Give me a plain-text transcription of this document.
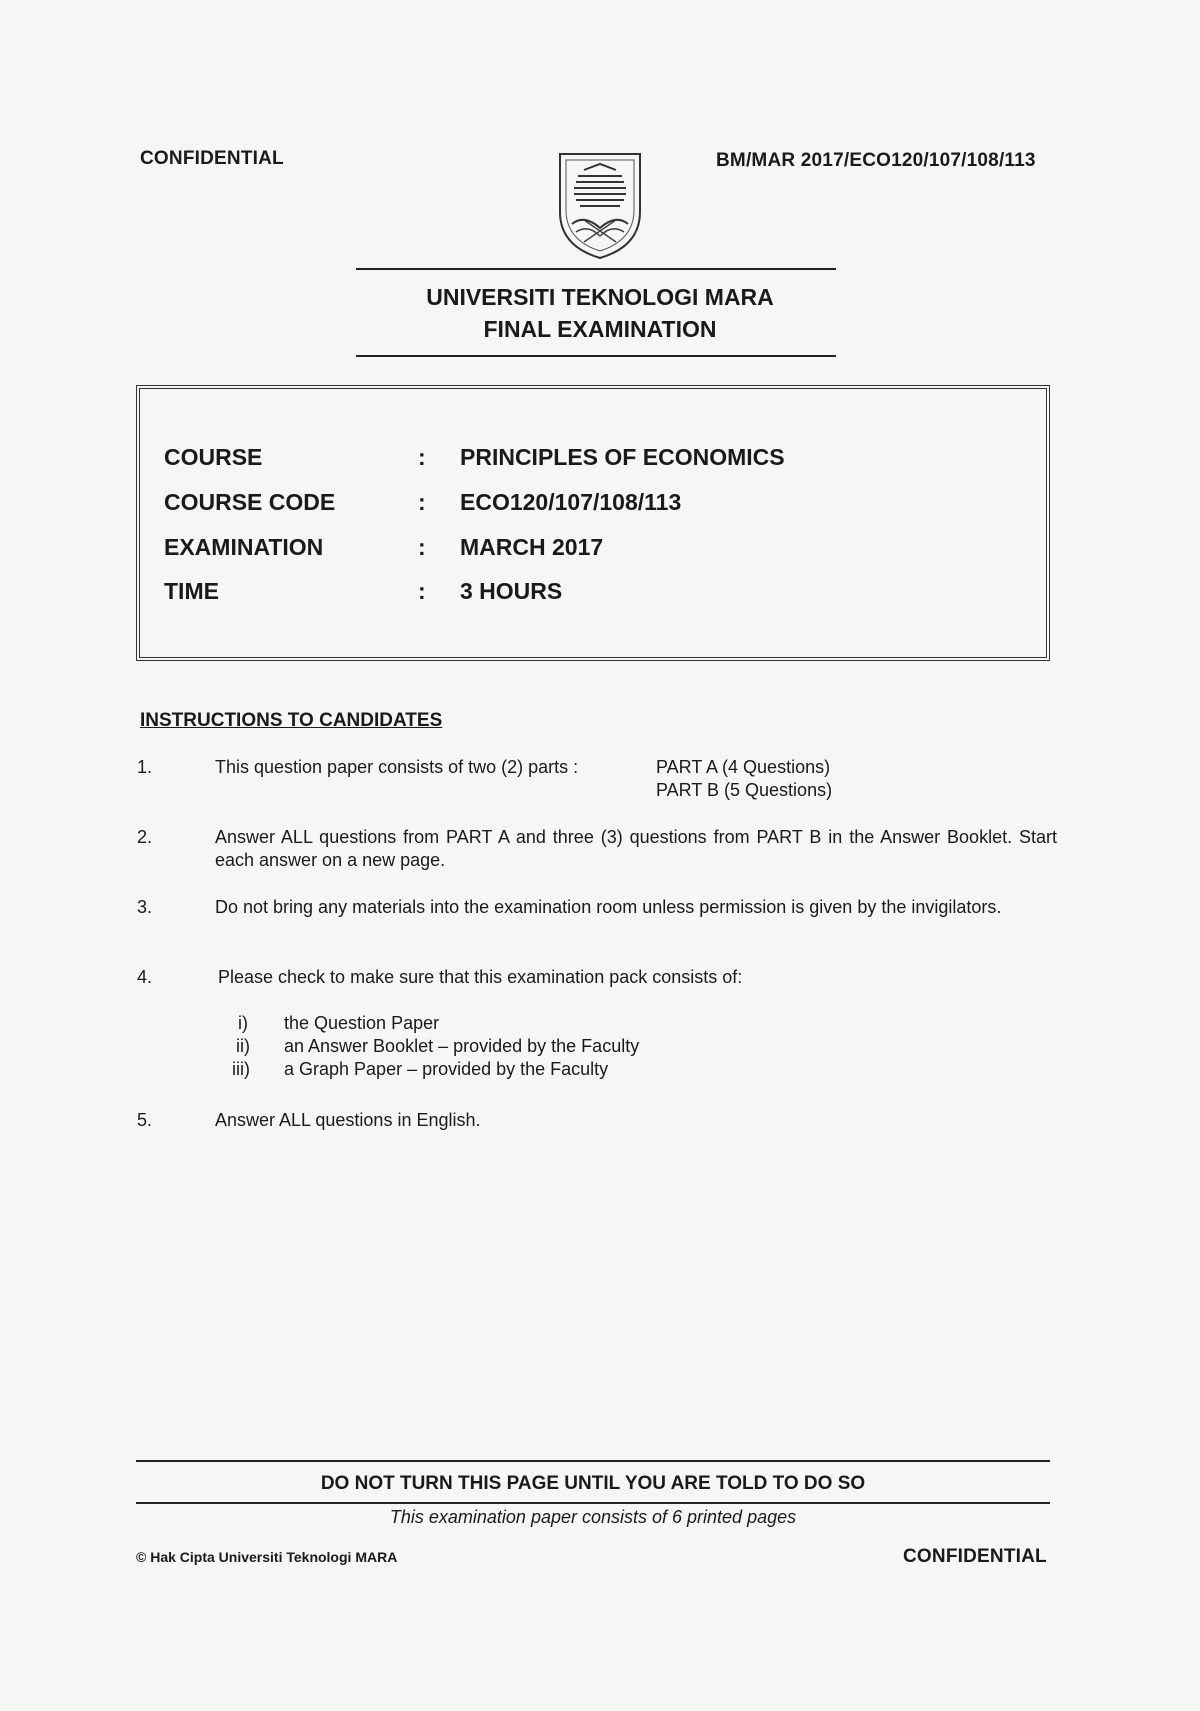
CONFIDENTIAL	BM/MAR 2017/ECO120/107/108/113
UNIVERSITI TEKNOLOGI MARA
FINAL EXAMINATION
COURSE	: PRINCIPLES OF ECONOMICS
COURSE CODE	: ECO120/107/108/113
EXAMINATION	: MARCH 2017
TIME	: 3 HOURS
INSTRUCTIONS TO CANDIDATES
1.	This question paper consists of two (2) parts :	PART A (4 Questions)
PART B (5 Questions)
2.	Answer ALL questions from PART A and three (3) questions from PART B in the Answer Booklet. Start each answer on a new page.
3.	Do not bring any materials into the examination room unless permission is given by the invigilators.
4.	Please check to make sure that this examination pack consists of:
i) the Question Paper
ii) an Answer Booklet – provided by the Faculty
iii) a Graph Paper – provided by the Faculty
5.	Answer ALL questions in English.
DO NOT TURN THIS PAGE UNTIL YOU ARE TOLD TO DO SO
This examination paper consists of 6 printed pages
© Hak Cipta Universiti Teknologi MARA	CONFIDENTIAL
